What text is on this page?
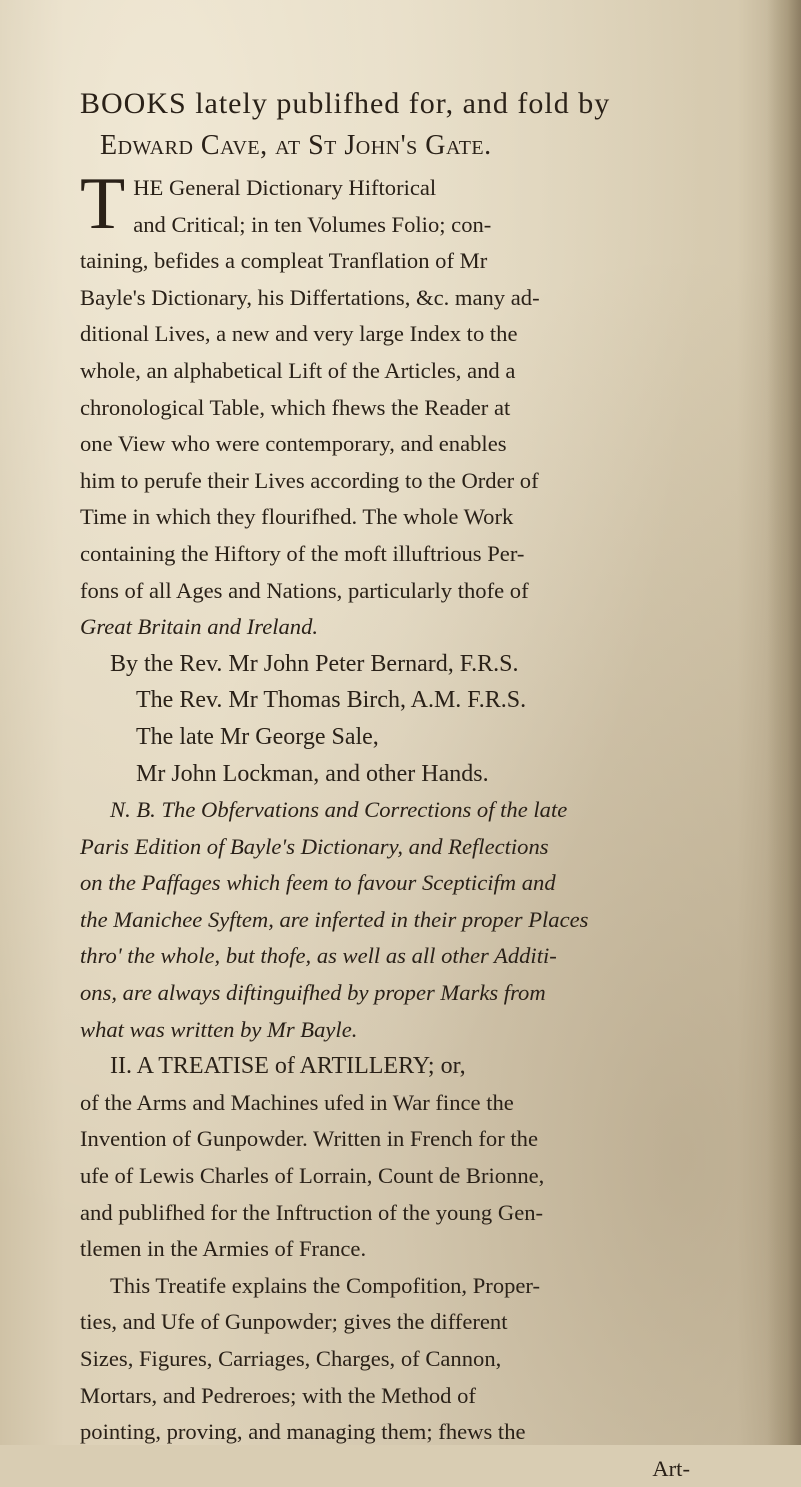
BOOKS lately publifhed for, and fold by
Edward Cave, at St John's Gate.
T HE General Dictionary Hiftorical
and Critical; in ten Volumes Folio; con-
taining, befides a compleat Tranflation of Mr
Bayle's Dictionary, his Differtations, &c. many ad-
ditional Lives, a new and very large Index to the
whole, an alphabetical Lift of the Articles, and a
chronological Table, which fhews the Reader at
one View who were contemporary, and enables
him to perufe their Lives according to the Order of
Time in which they flourifhed. The whole Work
containing the Hiftory of the moft illuftrious Per-
fons of all Ages and Nations, particularly thofe of
Great Britain and Ireland.
By the Rev. Mr John Peter Bernard, F.R.S.
The Rev. Mr Thomas Birch, A.M. F.R.S.
The late Mr George Sale,
Mr John Lockman, and other Hands.
N. B. The Obfervations and Corrections of the late
Paris Edition of Bayle's Dictionary, and Reflections
on the Paffages which feem to favour Scepticifm and
the Manichee Syftem, are inferted in their proper Places
thro' the whole, but thofe, as well as all other Additi-
ons, are always diftinguifhed by proper Marks from
what was written by Mr Bayle.
II. A TREATISE of ARTILLERY; or,
of the Arms and Machines ufed in War fince the
Invention of Gunpowder. Written in French for the
ufe of Lewis Charles of Lorrain, Count de Brionne,
and publifhed for the Inftruction of the young Gen-
tlemen in the Armies of France.
This Treatife explains the Compofition, Proper-
ties, and Ufe of Gunpowder; gives the different
Sizes, Figures, Carriages, Charges, of Cannon,
Mortars, and Pedreroes; with the Method of
pointing, proving, and managing them; fhews the
Art-
